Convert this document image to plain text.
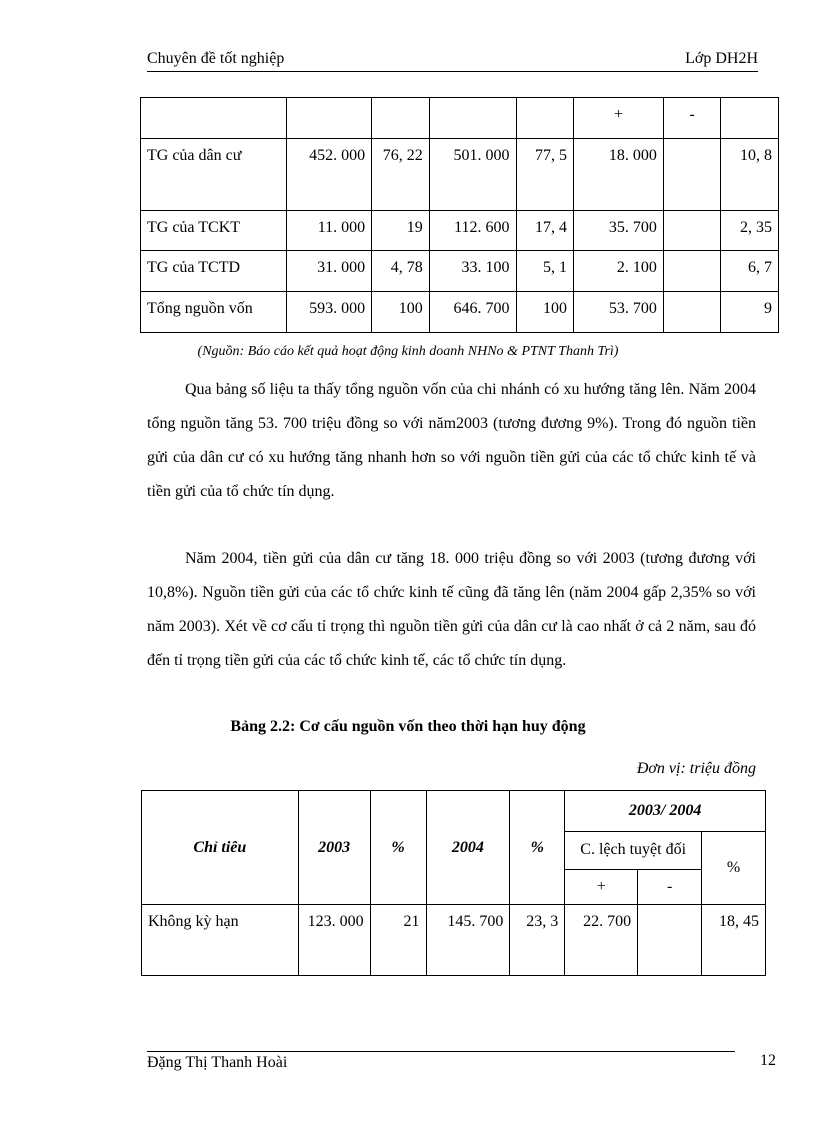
Chuyên đề tốt nghiệp	Lớp DH2H
					+	-	
TG của dân cư	452. 000	76, 22	501. 000	77, 5	18. 000		10, 8
TG của TCKT	11. 000	19	112. 600	17, 4	35. 700		2, 35
TG của TCTD	31. 000	4, 78	33. 100	5, 1	2. 100		6, 7
Tổng nguồn vốn	593. 000	100	646. 700	100	53. 700		9
(Nguồn: Báo cáo kết quả hoạt động kinh doanh NHNo & PTNT Thanh Trì)

Qua bảng số liệu ta thấy tổng nguồn vốn của chi nhánh có xu hướng tăng lên. Năm 2004 tổng nguồn tăng 53. 700 triệu đồng so với năm2003 (tương đương 9%). Trong đó nguồn tiền gửi của dân cư có xu hướng tăng nhanh hơn so với nguồn tiền gửi của các tổ chức kinh tế và tiền gửi của tổ chức tín dụng.

Năm 2004, tiền gửi của dân cư tăng 18. 000 triệu đồng so với 2003 (tương đương với 10,8%). Nguồn tiền gửi của các tổ chức kinh tế cũng đã tăng lên (năm 2004 gấp 2,35% so với năm 2003). Xét về cơ cấu tỉ trọng thì nguồn tiền gửi của dân cư là cao nhất ở cả 2 năm, sau đó đến tỉ trọng tiền gửi của các tổ chức kinh tế, các tổ chức tín dụng.

Bảng 2.2: Cơ cấu nguồn vốn theo thời hạn huy động
Đơn vị: triệu đồng
Chỉ tiêu	2003	%	2004	%	2003/ 2004		
					C. lệch tuyệt đối		%
					+	-	
Không kỳ hạn	123. 000	21	145. 700	23, 3	22. 700		18, 45
Đặng Thị Thanh Hoài	12
